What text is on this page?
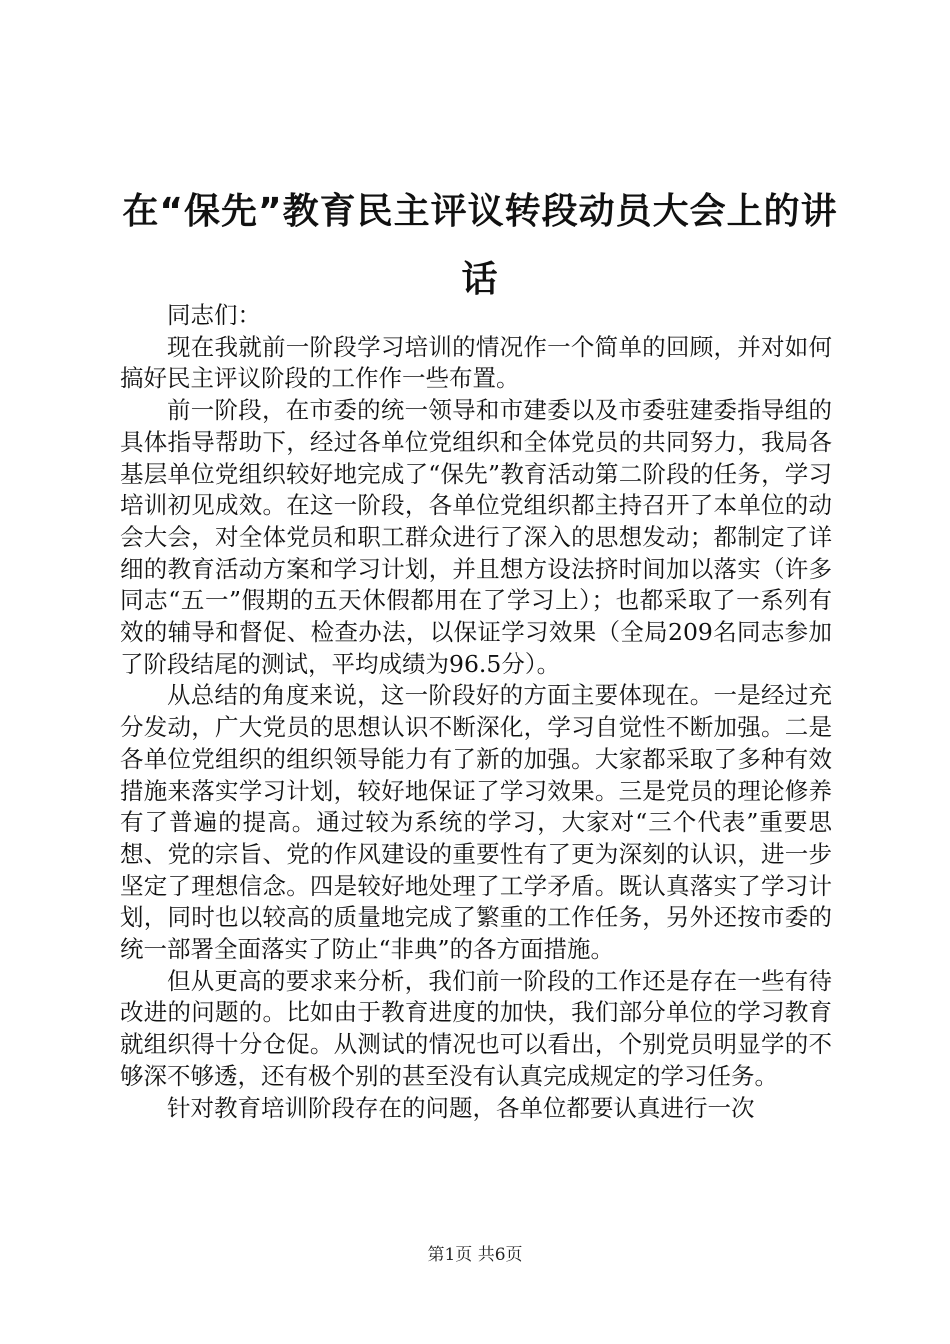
在“保先”教育民主评议转段动员大会上的讲话

同志们：

现在我就前一阶段学习培训的情况作一个简单的回顾，并对如何搞好民主评议阶段的工作作一些布置。

前一阶段，在市委的统一领导和市建委以及市委驻建委指导组的具体指导帮助下，经过各单位党组织和全体党员的共同努力，我局各基层单位党组织较好地完成了“保先”教育活动第二阶段的任务，学习培训初见成效。在这一阶段，各单位党组织都主持召开了本单位的动会大会，对全体党员和职工群众进行了深入的思想发动；都制定了详细的教育活动方案和学习计划，并且想方设法挤时间加以落实（许多同志“五一”假期的五天休假都用在了学习上）；也都采取了一系列有效的辅导和督促、检查办法，以保证学习效果（全局209名同志参加了阶段结尾的测试，平均成绩为96.5分）。

从总结的角度来说，这一阶段好的方面主要体现在。一是经过充分发动，广大党员的思想认识不断深化，学习自觉性不断加强。二是各单位党组织的组织领导能力有了新的加强。大家都采取了多种有效措施来落实学习计划，较好地保证了学习效果。三是党员的理论修养有了普遍的提高。通过较为系统的学习，大家对“三个代表”重要思想、党的宗旨、党的作风建设的重要性有了更为深刻的认识，进一步坚定了理想信念。四是较好地处理了工学矛盾。既认真落实了学习计划，同时也以较高的质量地完成了繁重的工作任务，另外还按市委的统一部署全面落实了防止“非典”的各方面措施。

但从更高的要求来分析，我们前一阶段的工作还是存在一些有待改进的问题的。比如由于教育进度的加快，我们部分单位的学习教育就组织得十分仓促。从测试的情况也可以看出，个别党员明显学的不够深不够透，还有极个别的甚至没有认真完成规定的学习任务。

针对教育培训阶段存在的问题，各单位都要认真进行一次

第1页 共6页
